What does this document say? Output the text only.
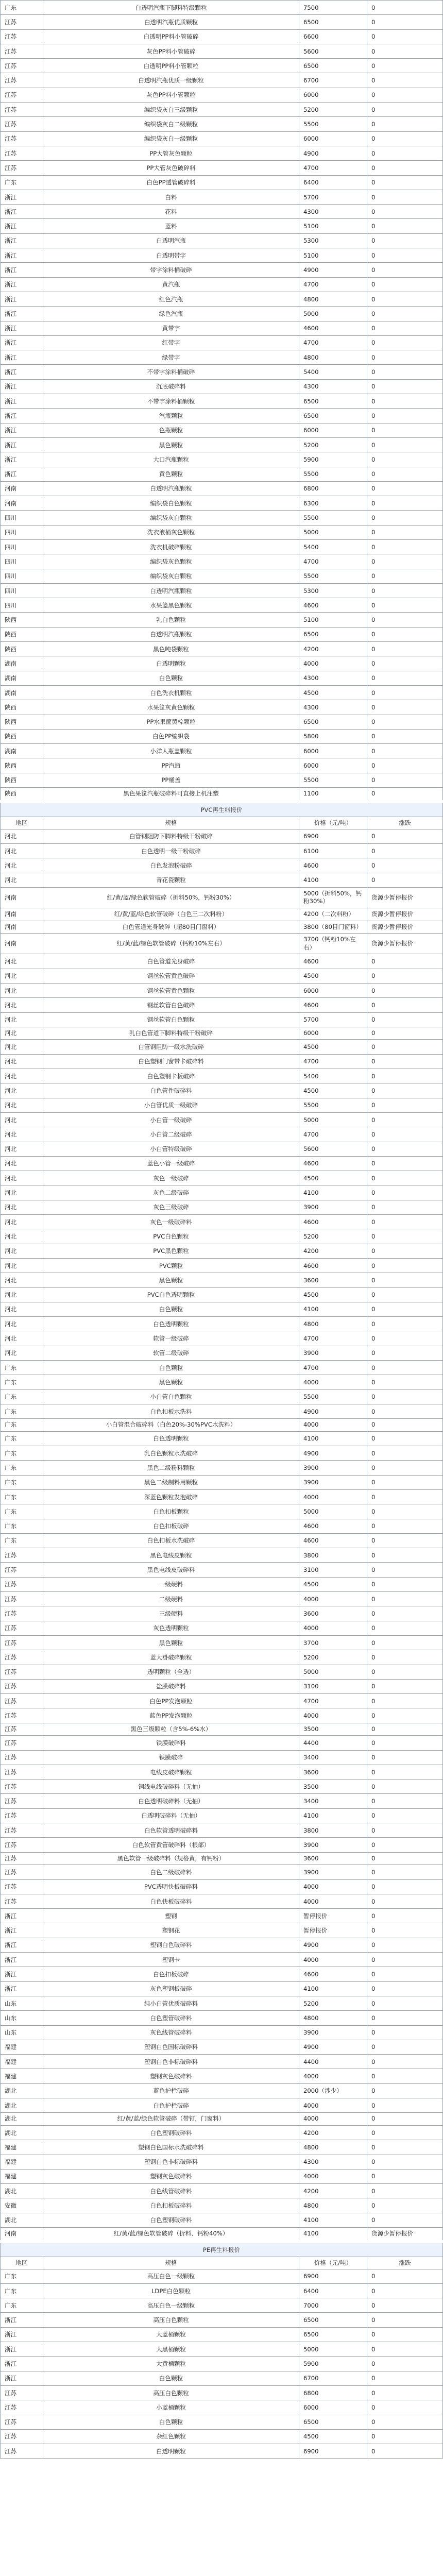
广东	白透明汽瓶下脚料特级颗粒	7500	0
江苏	白透明汽瓶优质颗粒	6500	0
江苏	白透明PP料小管破碎	6600	0
江苏	灰色PP料小管破碎	5600	0
江苏	白透明PP料小管颗粒	6500	0
江苏	白透明汽瓶优质一级颗粒	6700	0
江苏	灰色PP料小管颗粒	6000	0
江苏	编织袋灰白三级颗粒	5200	0
江苏	编织袋灰白二级颗粒	5500	0
江苏	编织袋灰白一级颗粒	6000	0
江苏	PP大管灰色颗粒	4900	0
江苏	PP大管灰色破碎料	4700	0
广东	白色PP透管破碎料	6400	0
浙江	白料	5700	0
浙江	花料	4300	0
浙江	蓝料	5100	0
浙江	白透明汽瓶	5300	0
浙江	白透明带字	5100	0
浙江	带字涂料桶破碎	4900	0
浙江	黄汽瓶	4700	0
浙江	红色汽瓶	4800	0
浙江	绿色汽瓶	5000	0
浙江	黄带字	4600	0
浙江	红带字	4700	0
浙江	绿带字	4800	0
浙江	不带字涂料桶破碎	5400	0
浙江	沉底破碎料	4300	0
浙江	不带字涂料桶颗粒	6500	0
浙江	汽瓶颗粒	6500	0
浙江	色瓶颗粒	6000	0
浙江	黑色颗粒	5200	0
浙江	大口汽瓶颗粒	5900	0
浙江	黄色颗粒	5500	0
河南	白透明汽瓶颗粒	6800	0
河南	编织袋白色颗粒	6300	0
四川	编织袋灰白颗粒	5500	0
四川	洗衣液桶灰色颗粒	5000	0
四川	洗衣机破碎颗粒	5400	0
四川	编织袋灰色颗粒	4700	0
四川	编织袋灰白颗粒	5500	0
四川	白透明汽瓶颗粒	5300	0
四川	水果篮黑色颗粒	4600	0
陕西	乳白色颗粒	5100	0
陕西	白透明汽瓶颗粒	6500	0
陕西	黑色吨袋颗粒	4200	0
湖南	白透明颗粒	4000	0
湖南	白色颗粒	4300	0
湖南	白色洗衣机颗粒	4500	0
陕西	水果筐灰黄色颗粒	4300	0
陕西	PP水果筐黄棕颗粒	6500	0
陕西	白色PP编织袋	5800	0
湖南	小洋人瓶盖颗粒	6000	0
陕西	PP汽瓶	6000	0
陕西	PP桶盖	5500	0
陕西	黑色果筐汽瓶破碎料可直接上机注塑	1100	0
PVC再生料报价			
地区	规格	价格（元/吨）	涨跌
河北	白管钢阻防下脚料特级干粉破碎	6900	0
河北	白色透明一级干粉破碎	6100	0
河北	白色发泡粉破碎	4600	0
河北	青花瓷颗粒	4100	0
河南	红/黄/蓝/绿色软管破碎（折料50%，钙粉30%）	5000（折料50%，钙粉30%）	货源少暂停报价
河南	红/黄/蓝/绿色软管破碎（白色三二次料粉）	4200（二次料粉）	货源少暂停报价
河南	白色管道光身破碎（超80目门窗料）	3800（80目门窗料）	货源少暂停报价
河南	红/黄/蓝/绿色软管破碎（钙粉10%左右）	3700（钙粉10%左右）	货源少暂停报价
河北	白色管道光身破碎	4600	0
河北	钢丝软管黄色破碎	4500	0
河北	钢丝软管黄色颗粒	6000	0
河北	钢丝软管白色破碎	4600	0
河北	钢丝软管白色颗粒	5700	0
河北	乳白色管道下脚料特级干粉破碎	6000	0
河北	白管钢阻防一级水洗破碎	4500	0
河北	白色塑钢门窗带卡破碎料	4700	0
河北	白色塑钢卡板破碎	5400	0
河北	白色管件破碎料	4500	0
河北	小白管优质一级破碎	5500	0
河北	小白管一级破碎	5000	0
河北	小白管二级破碎	4700	0
河北	小白管特级破碎	5600	0
河北	蓝色小管一级破碎	4600	0
河北	灰色一级破碎	4500	0
河北	灰色二级破碎	4100	0
河北	灰色三级破碎	3900	0
河北	灰色一级破碎料	4600	0
河北	PVC白色颗粒	5200	0
河北	PVC黑色颗粒	4200	0
河北	PVC颗粒	4600	0
河北	黑色颗粒	3600	0
河北	PVC白色透明颗粒	4500	0
河北	白色颗粒	4100	0
河北	白色透明颗粒	4800	0
河北	软管一级破碎	4700	0
河北	软管二级破碎	3900	0
广东	白色颗粒	4700	0
广东	黑色颗粒	4000	0
广东	小白管白色颗粒	5500	0
广东	白色扣板水洗料	4900	0
广东	小白管混合破碎料（白色20%-30%PVC水洗料）	4000	0
广东	白色透明颗粒	4100	0
广东	乳白色颗粒水洗破碎	4900	0
广东	黑色二级粉料颗粒	3900	0
广东	黑色二级制料用颗粒	3900	0
广东	深蓝色颗粒发泡破碎	4000	0
广东	白色扣板颗粒	5000	0
广东	白色扣板破碎	4600	0
广东	白色扣板水洗破碎	4600	0
江苏	黑色电线皮颗粒	3800	0
江苏	黑色电线皮破碎料	3100	0
江苏	一级硬料	4500	0
江苏	二级硬料	4000	0
江苏	三级硬料	3600	0
江苏	灰色透明颗粒	4000	0
江苏	黑色颗粒	3700	0
江苏	蓝大褂破碎颗粒	5200	0
江苏	透明颗粒（全透）	5000	0
江苏	盐膜破碎料	3100	0
江苏	白色PP发泡颗粒	4700	0
江苏	蓝色PP发泡颗粒	4000	0
江苏	黑色三级颗粒（含5%-6%水）	3500	0
江苏	铁膜破碎料	4400	0
江苏	铁膜破碎	3400	0
江苏	电线皮破碎颗粒	3600	0
江苏	铜线电线破碎料（无抽）	3500	0
江苏	白色透明破碎料（无抽）	3400	0
江苏	白透明破碎料（无抽）	4100	0
江苏	白色软管透明破碎料	3800	0
江苏	白色软管黄管破碎料（根部）	3900	0
江苏	黑色软管一级破碎料（规格黄，有钙粉）	3600	0
江苏	白色二级破碎料	3900	0
江苏	PVC透明快板破碎料	4000	0
江苏	白色快板破碎料	4000	0
浙江	塑钢	暂停报价	0
浙江	塑钢花	暂停报价	0
浙江	塑钢白色破碎料	4900	0
浙江	塑钢卡	4000	0
浙江	白色扣板破碎	4600	0
浙江	灰色塑钢板破碎	4100	0
山东	纯小白管优质破碎料	5200	0
山东	白色塑管破碎料	4800	0
山东	灰色线管破碎料	3900	0
福建	塑钢白色国标破碎料	4900	0
福建	塑钢白色非标破碎料	4400	0
福建	塑钢灰色破碎料	4000	0
湖北	蓝色护栏破碎	2000（涉少）	0
湖北	白色护栏破碎	4000	0
湖北	红/黄/蓝/绿色软管破碎（带钉，门窗料）	4000	0
湖北	白色塑钢破碎料	4200	0
福建	塑钢白色国标水洗破碎料	4800	0
福建	塑钢白色非标破碎料	4300	0
福建	塑钢灰色破碎料	4000	0
湖北	白色线管破碎料	4200	0
安徽	白色扣板破碎料	4800	0
湖北	白色塑钢破碎料	4100	0
河南	红/黄/蓝/绿色软管破碎（折料、钙粉40%）	4100	货源少暂停报价
PE再生料报价			
地区	规格	价格（元/吨）	涨跌
广东	高压白色一级颗粒	6900	0
广东	LDPE白色颗粒	6400	0
广东	高压白色一级颗粒	7000	0
浙江	高压白色颗粒	6500	0
浙江	大蓝桶颗粒	6500	0
浙江	大黑桶颗粒	5000	0
浙江	大黄桶颗粒	5900	0
浙江	白色颗粒	6700	0
江苏	高压白色颗粒	6800	0
江苏	小蓝桶颗粒	6000	0
江苏	白色颗粒	6500	0
江苏	杂红色颗粒	4500	0
江苏	白透明颗粒	6900	0
